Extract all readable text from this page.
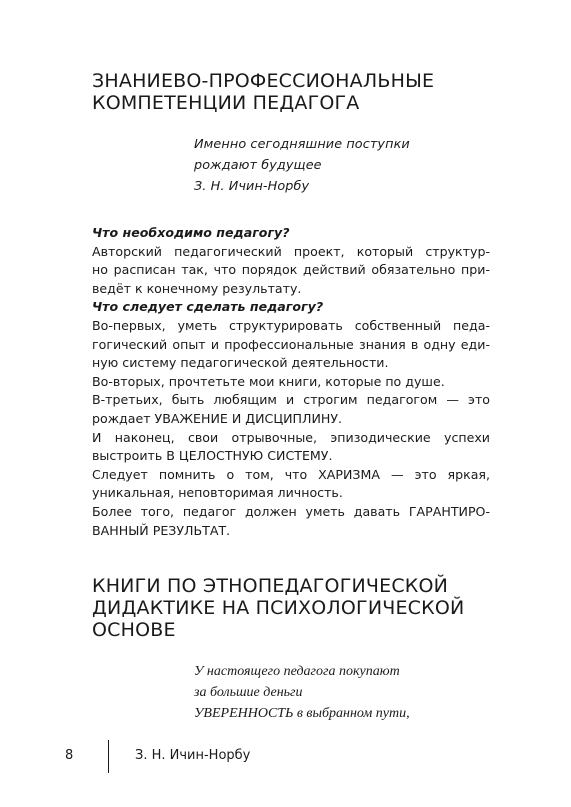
ЗНАНИЕВО-ПРОФЕССИОНАЛЬНЫЕ
КОМПЕТЕНЦИИ ПЕДАГОГА
Именно сегодняшние поступки
рождают будущее
З. Н. Ичин-Норбу
Что необходимо педагогу?
Авторский педагогический проект, который структур-
но расписан так, что порядок действий обязательно при-
ведёт к конечному результату.
Что следует сделать педагогу?
Во-первых, уметь структурировать собственный педа-
гогический опыт и профессиональные знания в одну еди-
ную систему педагогической деятельности.
Во-вторых, прочтетьте мои книги, которые по душе.
В-третьих, быть любящим и строгим педагогом — это
рождает УВАЖЕНИЕ И ДИСЦИПЛИНУ.
И наконец, свои отрывочные, эпизодические успехи
выстроить В ЦЕЛОСТНУЮ СИСТЕМУ.
Следует помнить о том, что ХАРИЗМА — это яркая,
уникальная, неповторимая личность.
Более того, педагог должен уметь давать ГАРАНТИРО-
ВАННЫЙ РЕЗУЛЬТАТ.
КНИГИ ПО ЭТНОПЕДАГОГИЧЕСКОЙ
ДИДАКТИКЕ НА ПСИХОЛОГИЧЕСКОЙ
ОСНОВЕ
У настоящего педагога покупают
за большие деньги
УВЕРЕННОСТЬ в выбранном пути,
8	З. Н. Ичин-Норбу
